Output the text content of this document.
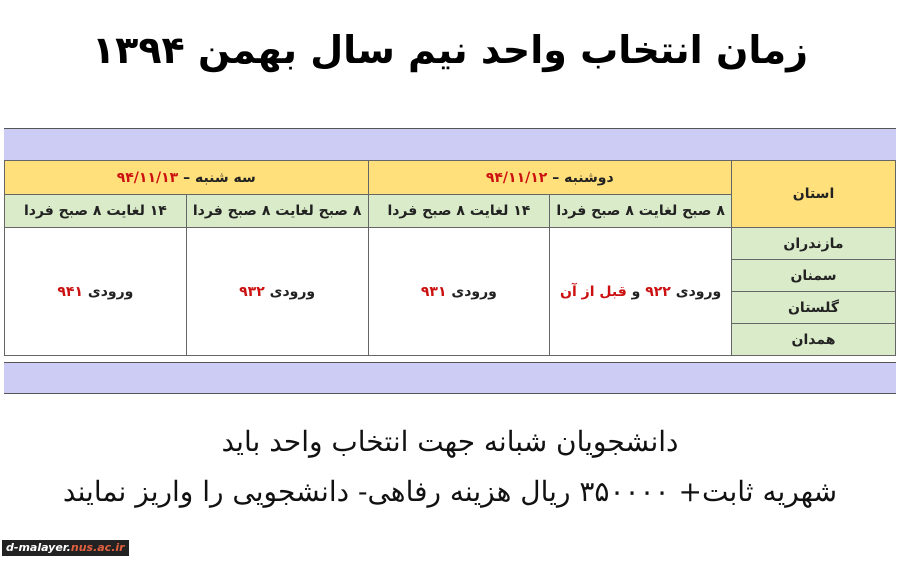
زمان انتخاب واحد نیم سال بهمن ۱۳۹۴
استان	دوشنبه – ۹۴/۱۱/۱۲		سه شنبه – ۹۴/۱۱/۱۳	
	۸ صبح لغایت ۸ صبح فردا	۱۴ لغایت ۸ صبح فردا	۸ صبح لغایت ۸ صبح فردا	۱۴ لغایت ۸ صبح فردا
مازندران	ورودی ۹۲۲ و قبل از آن	ورودی ۹۳۱	ورودی ۹۳۲	ورودی ۹۴۱
سمنان				
گلستان				
همدان				
دانشجویان شبانه جهت انتخاب واحد باید
شهریه ثابت+ ۳۵۰۰۰۰ ریال هزینه رفاهی- دانشجویی را واریز نمایند
d-malayer.nus.ac.ir
